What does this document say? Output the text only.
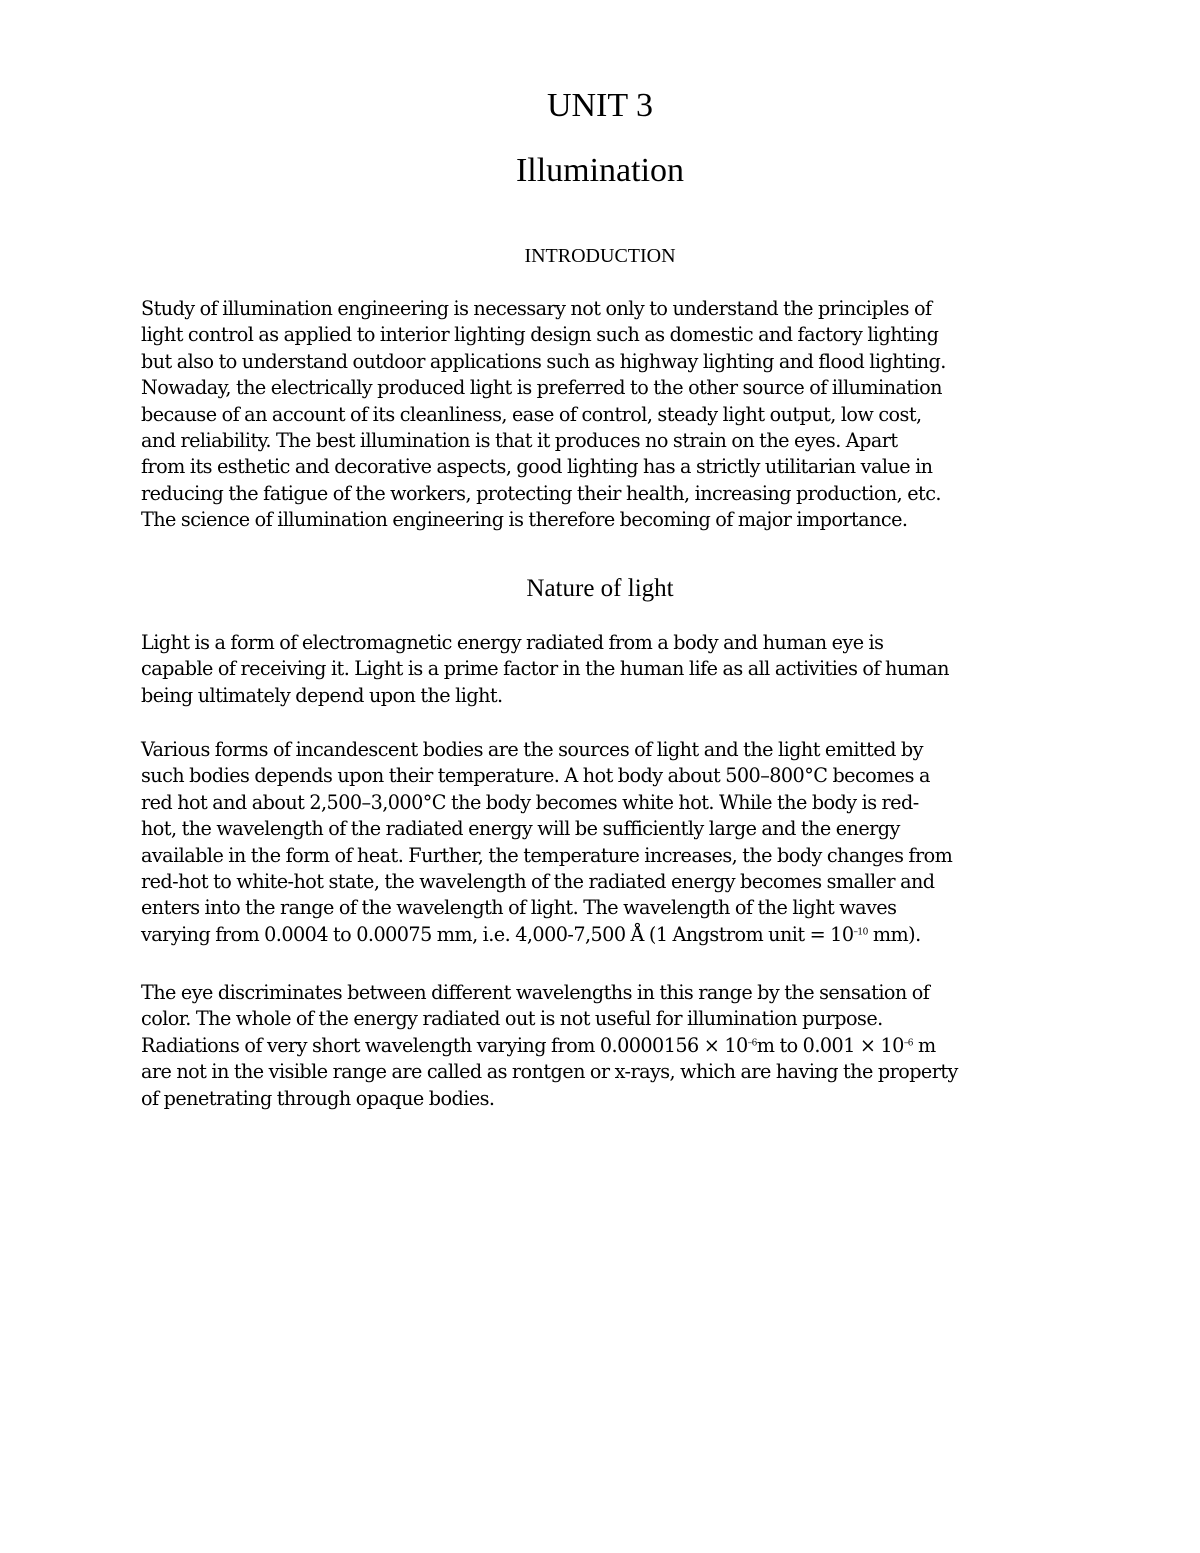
UNIT 3
Illumination
INTRODUCTION
Study of illumination engineering is necessary not only to understand the principles of
light control as applied to interior lighting design such as domestic and factory lighting
but also to understand outdoor applications such as highway lighting and flood lighting.
Nowaday, the electrically produced light is preferred to the other source of illumination
because of an account of its cleanliness, ease of control, steady light output, low cost,
and reliability. The best illumination is that it produces no strain on the eyes. Apart
from its esthetic and decorative aspects, good lighting has a strictly utilitarian value in
reducing the fatigue of the workers, protecting their health, increasing production, etc.
The science of illumination engineering is therefore becoming of major importance.
Nature of light
Light is a form of electromagnetic energy radiated from a body and human eye is
capable of receiving it. Light is a prime factor in the human life as all activities of human
being ultimately depend upon the light.
Various forms of incandescent bodies are the sources of light and the light emitted by
such bodies depends upon their temperature. A hot body about 500–800°C becomes a
red hot and about 2,500–3,000°C the body becomes white hot. While the body is red-
hot, the wavelength of the radiated energy will be sufficiently large and the energy
available in the form of heat. Further, the temperature increases, the body changes from
red-hot to white-hot state, the wavelength of the radiated energy becomes smaller and
enters into the range of the wavelength of light. The wavelength of the light waves
varying from 0.0004 to 0.00075 mm, i.e. 4,000-7,500 Å (1 Angstrom unit = $10^{-10}$ mm).
The eye discriminates between different wavelengths in this range by the sensation of
color. The whole of the energy radiated out is not useful for illumination purpose.
Radiations of very short wavelength varying from $0.0000156 \times 10^{-6}m$ to $0.001 \times 10^{-6}$ m
are not in the visible range are called as rontgen or x-rays, which are having the property
of penetrating through opaque bodies.
